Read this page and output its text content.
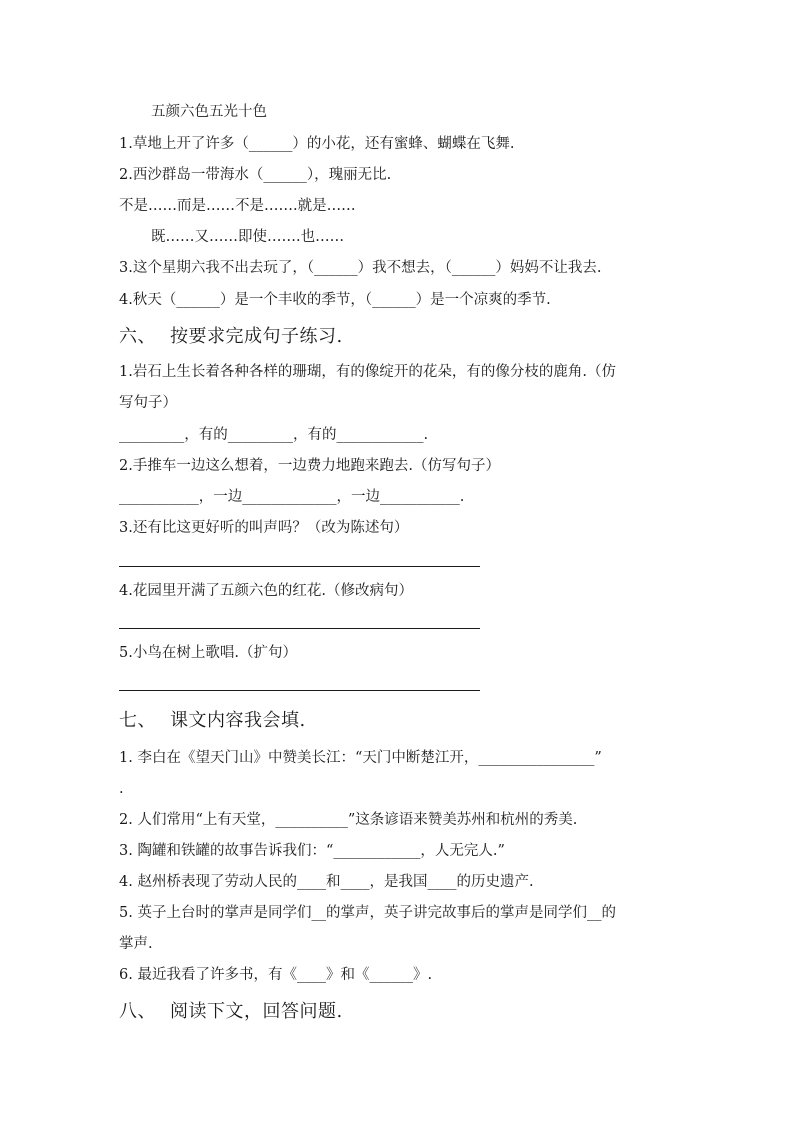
五颜六色五光十色
1.草地上开了许多（______）的小花，还有蜜蜂、蝴蝶在飞舞.
2.西沙群岛一带海水（______），瑰丽无比.
不是……而是……不是…….就是……
既……又……即使…….也……
3.这个星期六我不出去玩了，（______）我不想去，（______）妈妈不让我去.
4.秋天（______）是一个丰收的季节，（______）是一个凉爽的季节.
六、 按要求完成句子练习.
1.岩石上生长着各种各样的珊瑚，有的像绽开的花朵，有的像分枝的鹿角.（仿
写句子）
_________，有的_________，有的____________.
2.手推车一边这么想着，一边费力地跑来跑去.（仿写句子）
___________，一边_____________，一边___________.
3.还有比这更好听的叫声吗？（改为陈述句）
4.花园里开满了五颜六色的红花.（修改病句）
5.小鸟在树上歌唱.（扩句）
七、 课文内容我会填.
1. 李白在《望天门山》中赞美长江：“天门中断楚江开，________________”
.
2. 人们常用“上有天堂，__________”这条谚语来赞美苏州和杭州的秀美.
3. 陶罐和铁罐的故事告诉我们：“____________，人无完人.”
4. 赵州桥表现了劳动人民的____和____，是我国____的历史遗产.
5. 英子上台时的掌声是同学们__的掌声，英子讲完故事后的掌声是同学们__的
掌声.
6. 最近我看了许多书，有《____》和《______》.
八、 阅读下文，回答问题.
